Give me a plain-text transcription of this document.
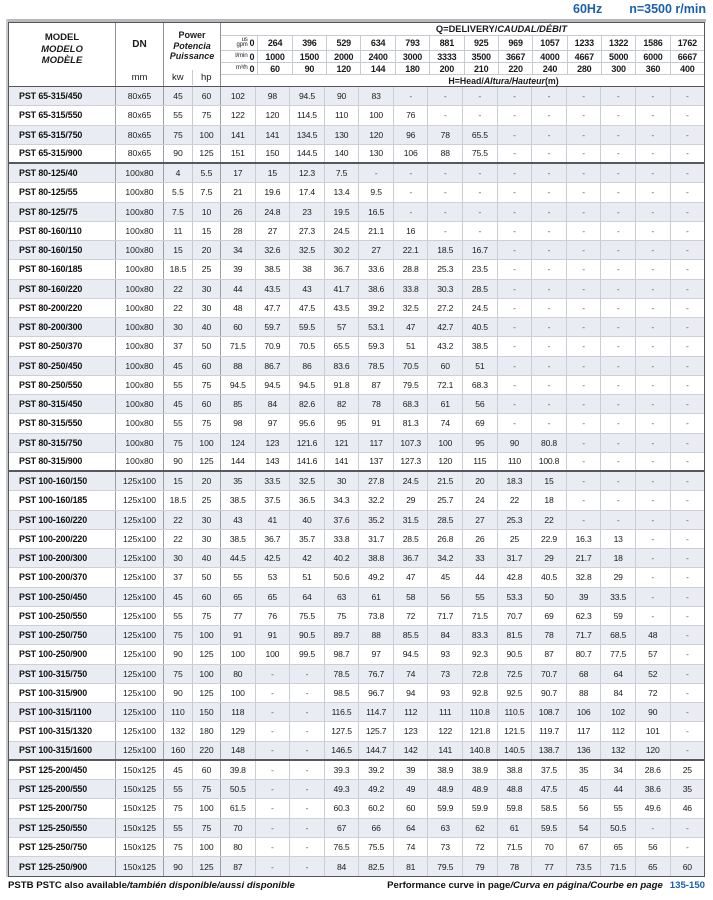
60Hz n=3500 r/min
MODEL
MODELO
MODÈLE
DN
mm
Power
Potencia
Puissance
kw	hp
Q=DELIVERY/CAUDAL/DÉBIT
us
gpm 0	264	396	529	634	793	881	925	969	1057	1233	1322	1586	1762
l/min 0	1000	1500	2000	2400	3000	3333	3500	3667	4000	4667	5000	6000	6667
m³/h 0	60	90	120	144	180	200	210	220	240	280	300	360	400
H=Head/Altura/Hauteur(m)
PST 65-315/450	80x65	45	60	102	98	94.5	90	83	-	-	-	-	-	-	-	-	-
PST 65-315/550	80x65	55	75	122	120	114.5	110	100	76	-	-	-	-	-	-	-	-
PST 65-315/750	80x65	75	100	141	141	134.5	130	120	96	78	65.5	-	-	-	-	-	-
PST 65-315/900	80x65	90	125	151	150	144.5	140	130	106	88	75.5	-	-	-	-	-	-
PST 80-125/40	100x80	4	5.5	17	15	12.3	7.5	-	-	-	-	-	-	-	-	-	-
PST 80-125/55	100x80	5.5	7.5	21	19.6	17.4	13.4	9.5	-	-	-	-	-	-	-	-	-
PST 80-125/75	100x80	7.5	10	26	24.8	23	19.5	16.5	-	-	-	-	-	-	-	-	-
PST 80-160/110	100x80	11	15	28	27	27.3	24.5	21.1	16	-	-	-	-	-	-	-	-
PST 80-160/150	100x80	15	20	34	32.6	32.5	30.2	27	22.1	18.5	16.7	-	-	-	-	-	-
PST 80-160/185	100x80	18.5	25	39	38.5	38	36.7	33.6	28.8	25.3	23.5	-	-	-	-	-	-
PST 80-160/220	100x80	22	30	44	43.5	43	41.7	38.6	33.8	30.3	28.5	-	-	-	-	-	-
PST 80-200/220	100x80	22	30	48	47.7	47.5	43.5	39.2	32.5	27.2	24.5	-	-	-	-	-	-
PST 80-200/300	100x80	30	40	60	59.7	59.5	57	53.1	47	42.7	40.5	-	-	-	-	-	-
PST 80-250/370	100x80	37	50	71.5	70.9	70.5	65.5	59.3	51	43.2	38.5	-	-	-	-	-	-
PST 80-250/450	100x80	45	60	88	86.7	86	83.6	78.5	70.5	60	51	-	-	-	-	-	-
PST 80-250/550	100x80	55	75	94.5	94.5	94.5	91.8	87	79.5	72.1	68.3	-	-	-	-	-	-
PST 80-315/450	100x80	45	60	85	84	82.6	82	78	68.3	61	56	-	-	-	-	-	-
PST 80-315/550	100x80	55	75	98	97	95.6	95	91	81.3	74	69	-	-	-	-	-	-
PST 80-315/750	100x80	75	100	124	123	121.6	121	117	107.3	100	95	90	80.8	-	-	-	-
PST 80-315/900	100x80	90	125	144	143	141.6	141	137	127.3	120	115	110	100.8	-	-	-	-
PST 100-160/150	125x100	15	20	35	33.5	32.5	30	27.8	24.5	21.5	20	18.3	15	-	-	-	-
PST 100-160/185	125x100	18.5	25	38.5	37.5	36.5	34.3	32.2	29	25.7	24	22	18	-	-	-	-
PST 100-160/220	125x100	22	30	43	41	40	37.6	35.2	31.5	28.5	27	25.3	22	-	-	-	-
PST 100-200/220	125x100	22	30	38.5	36.7	35.7	33.8	31.7	28.5	26.8	26	25	22.9	16.3	13	-	-
PST 100-200/300	125x100	30	40	44.5	42.5	42	40.2	38.8	36.7	34.2	33	31.7	29	21.7	18	-	-
PST 100-200/370	125x100	37	50	55	53	51	50.6	49.2	47	45	44	42.8	40.5	32.8	29	-	-
PST 100-250/450	125x100	45	60	65	65	64	63	61	58	56	55	53.3	50	39	33.5	-	-
PST 100-250/550	125x100	55	75	77	76	75.5	75	73.8	72	71.7	71.5	70.7	69	62.3	59	-	-
PST 100-250/750	125x100	75	100	91	91	90.5	89.7	88	85.5	84	83.3	81.5	78	71.7	68.5	48	-
PST 100-250/900	125x100	90	125	100	100	99.5	98.7	97	94.5	93	92.3	90.5	87	80.7	77.5	57	-
PST 100-315/750	125x100	75	100	80	-	-	78.5	76.7	74	73	72.8	72.5	70.7	68	64	52	-
PST 100-315/900	125x100	90	125	100	-	-	98.5	96.7	94	93	92.8	92.5	90.7	88	84	72	-
PST 100-315/1100	125x100	110	150	118	-	-	116.5	114.7	112	111	110.8	110.5	108.7	106	102	90	-
PST 100-315/1320	125x100	132	180	129	-	-	127.5	125.7	123	122	121.8	121.5	119.7	117	112	101	-
PST 100-315/1600	125x100	160	220	148	-	-	146.5	144.7	142	141	140.8	140.5	138.7	136	132	120	-
PST 125-200/450	150x125	45	60	39.8	-	-	39.3	39.2	39	38.9	38.9	38.8	37.5	35	34	28.6	25
PST 125-200/550	150x125	55	75	50.5	-	-	49.3	49.2	49	48.9	48.9	48.8	47.5	45	44	38.6	35
PST 125-200/750	150x125	75	100	61.5	-	-	60.3	60.2	60	59.9	59.9	59.8	58.5	56	55	49.6	46
PST 125-250/550	150x125	55	75	70	-	-	67	66	64	63	62	61	59.5	54	50.5	-	-
PST 125-250/750	150x125	75	100	80	-	-	76.5	75.5	74	73	72	71.5	70	67	65	56	-
PST 125-250/900	150x125	90	125	87	-	-	84	82.5	81	79.5	79	78	77	73.5	71.5	65	60
PSTB PSTC also available/también disponible/aussi disponible	Performance curve in page/Curva en página/Courbe en page 135-150
